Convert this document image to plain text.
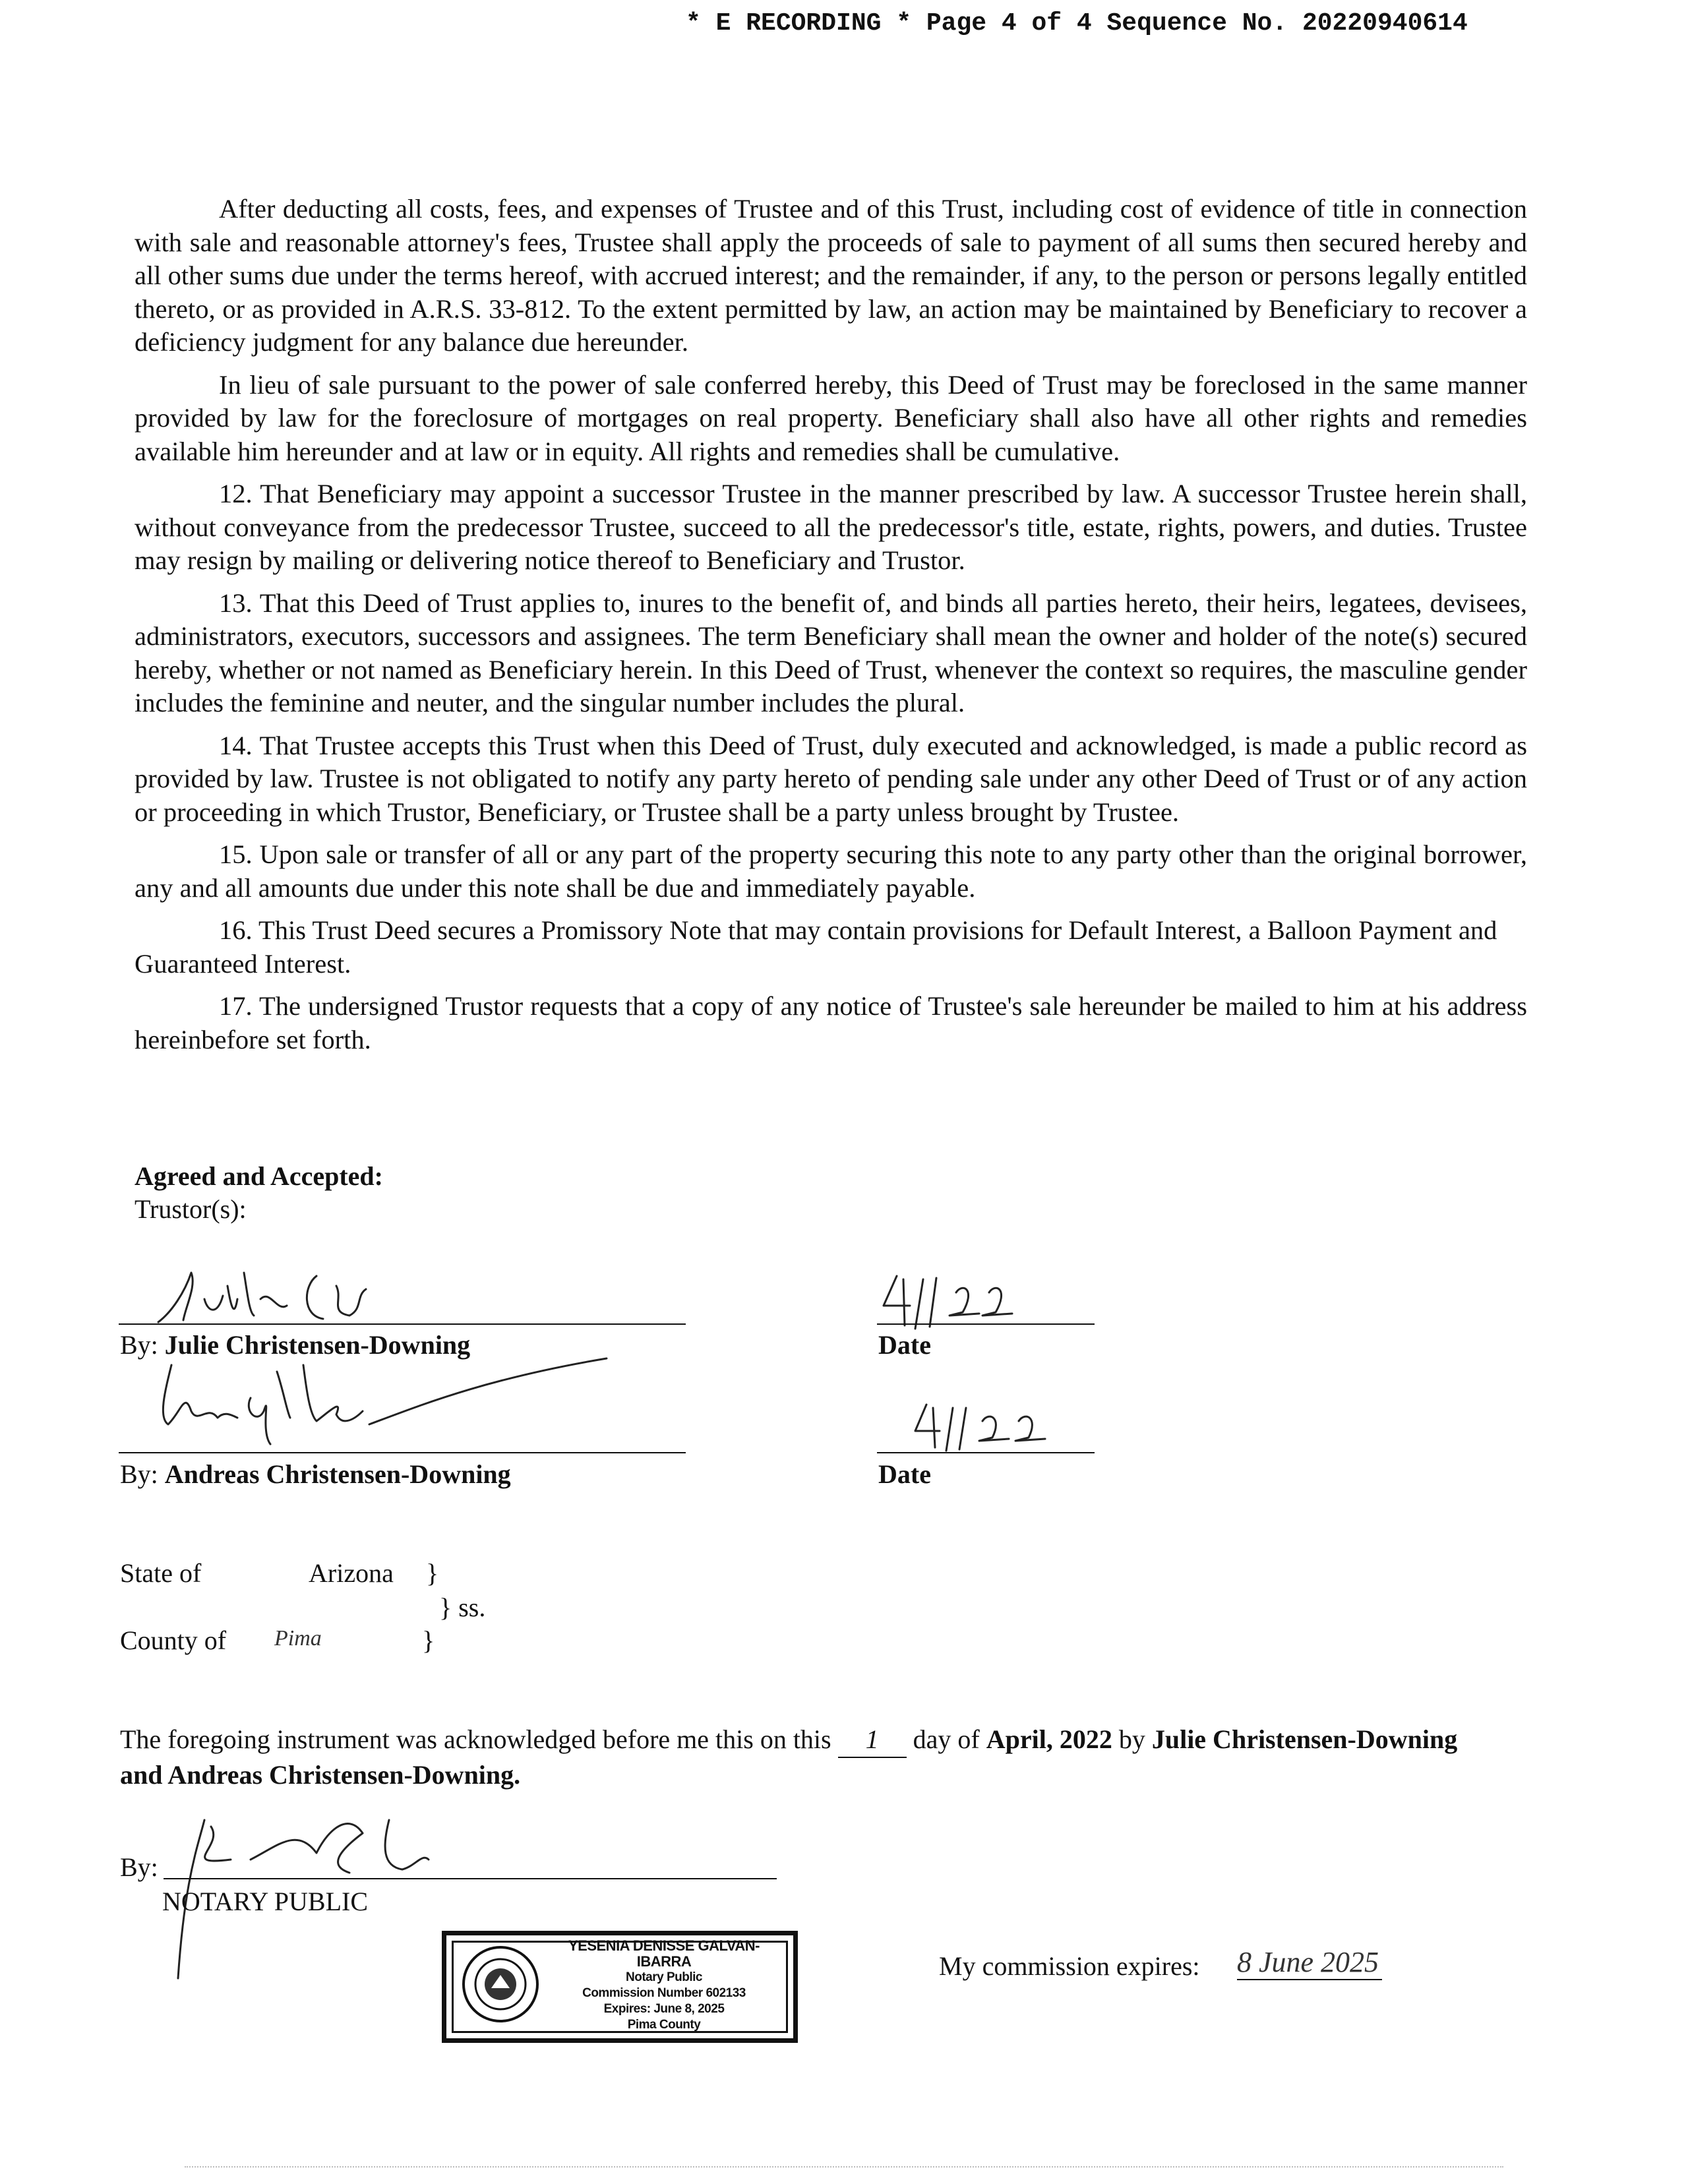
* E RECORDING * Page 4 of 4 Sequence No. 20220940614

After deducting all costs, fees, and expenses of Trustee and of this Trust, including cost of evidence of title in connection with sale and reasonable attorney's fees, Trustee shall apply the proceeds of sale to payment of all sums then secured hereby and all other sums due under the terms hereof, with accrued interest; and the remainder, if any, to the person or persons legally entitled thereto, or as provided in A.R.S. 33-812. To the extent permitted by law, an action may be maintained by Beneficiary to recover a deficiency judgment for any balance due hereunder.

In lieu of sale pursuant to the power of sale conferred hereby, this Deed of Trust may be foreclosed in the same manner provided by law for the foreclosure of mortgages on real property. Beneficiary shall also have all other rights and remedies available him hereunder and at law or in equity. All rights and remedies shall be cumulative.

12. That Beneficiary may appoint a successor Trustee in the manner prescribed by law. A successor Trustee herein shall, without conveyance from the predecessor Trustee, succeed to all the predecessor's title, estate, rights, powers, and duties. Trustee may resign by mailing or delivering notice thereof to Beneficiary and Trustor.

13. That this Deed of Trust applies to, inures to the benefit of, and binds all parties hereto, their heirs, legatees, devisees, administrators, executors, successors and assignees. The term Beneficiary shall mean the owner and holder of the note(s) secured hereby, whether or not named as Beneficiary herein. In this Deed of Trust, whenever the context so requires, the masculine gender includes the feminine and neuter, and the singular number includes the plural.

14. That Trustee accepts this Trust when this Deed of Trust, duly executed and acknowledged, is made a public record as provided by law. Trustee is not obligated to notify any party hereto of pending sale under any other Deed of Trust or of any action or proceeding in which Trustor, Beneficiary, or Trustee shall be a party unless brought by Trustee.

15. Upon sale or transfer of all or any part of the property securing this note to any party other than the original borrower, any and all amounts due under this note shall be due and immediately payable.

16. This Trust Deed secures a Promissory Note that may contain provisions for Default Interest, a Balloon Payment and Guaranteed Interest.

17. The undersigned Trustor requests that a copy of any notice of Trustee's sale hereunder be mailed to him at his address hereinbefore set forth.

Agreed and Accepted:
Trustor(s):
By: Julie Christensen-Downing	Date
By: Andreas Christensen-Downing	Date
State of	Arizona }
} ss.
County of Pima	}
The foregoing instrument was acknowledged before me this on this 1 day of April, 2022 by Julie Christensen-Downing and Andreas Christensen-Downing.
By:
NOTARY PUBLIC
YESENIA DENISSE GALVAN-IBARRA
Notary Public
Commission Number 602133
Expires: June 8, 2025
Pima County
My commission expires: 8 June 2025
